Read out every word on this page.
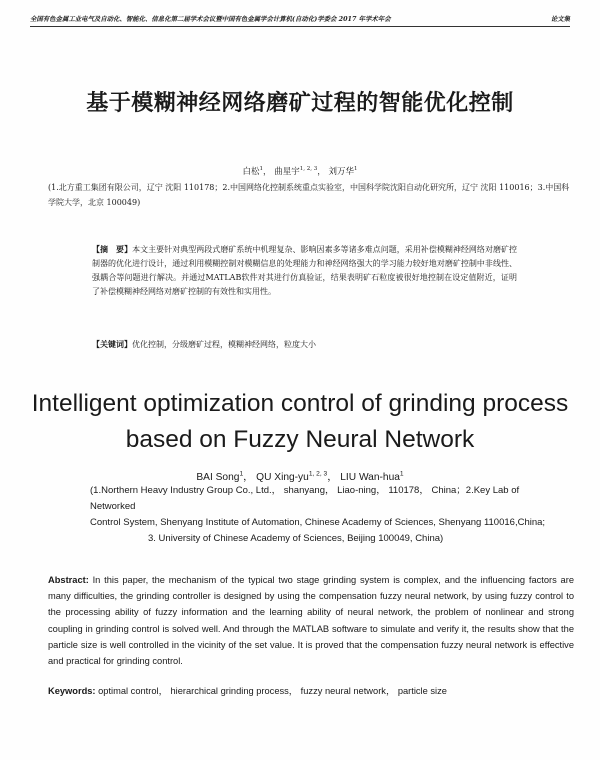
全国有色金属工业电气及自动化、智能化、信息化第二届学术会议暨中国有色金属学会计算机(自动化)学委会 2017 年学术年会	论文集
基于模糊神经网络磨矿过程的智能优化控制
白松$^1$， 曲星宇$^{1, 2, 3}$， 刘万华$^1$
(1.北方重工集团有限公司，辽宁 沈阳 110178；2.中国网络化控制系统重点实验室，中国科学院沈阳自动化研究所，辽宁 沈阳 110016；3.中国科学院大学，北京 100049)
【摘　要】本文主要针对典型两段式磨矿系统中机理复杂、影响因素多等诸多难点问题，采用补偿模糊神经网络对磨矿控制器的优化进行设计，通过利用模糊控制对模糊信息的处理能力和神经网络强大的学习能力较好地对磨矿控制中非线性、强耦合等问题进行解决。并通过MATLAB软件对其进行仿真验证，结果表明矿石粒度被很好地控制在设定值附近，证明了补偿模糊神经网络对磨矿控制的有效性和实用性。
【关键词】优化控制，分级磨矿过程，模糊神经网络，粒度大小
Intelligent optimization control of grinding process
based on Fuzzy Neural Network
BAI Song$^1$， QU Xing-yu$^{1, 2, 3}$， LIU Wan-hua$^1$
(1.Northern Heavy Industry Group Co., Ltd.， shanyang， Liao-ning， 110178， China；2.Key Lab of Networked
Control System, Shenyang Institute of Automation, Chinese Academy of Sciences, Shenyang 110016,China;
3. University of Chinese Academy of Sciences, Beijing 100049, China)
Abstract: In this paper, the mechanism of the typical two stage grinding system is complex, and the influencing factors are many difficulties, the grinding controller is designed by using the compensation fuzzy neural network, by using fuzzy control to the processing ability of fuzzy information and the learning ability of neural network, the problem of nonlinear and strong coupling in grinding control is solved well. And through the MATLAB software to simulate and verify it, the results show that the particle size is well controlled in the vicinity of the set value. It is proved that the compensation fuzzy neural network is effective and practical for grinding control.
Keywords: optimal control， hierarchical grinding process， fuzzy neural network， particle size
